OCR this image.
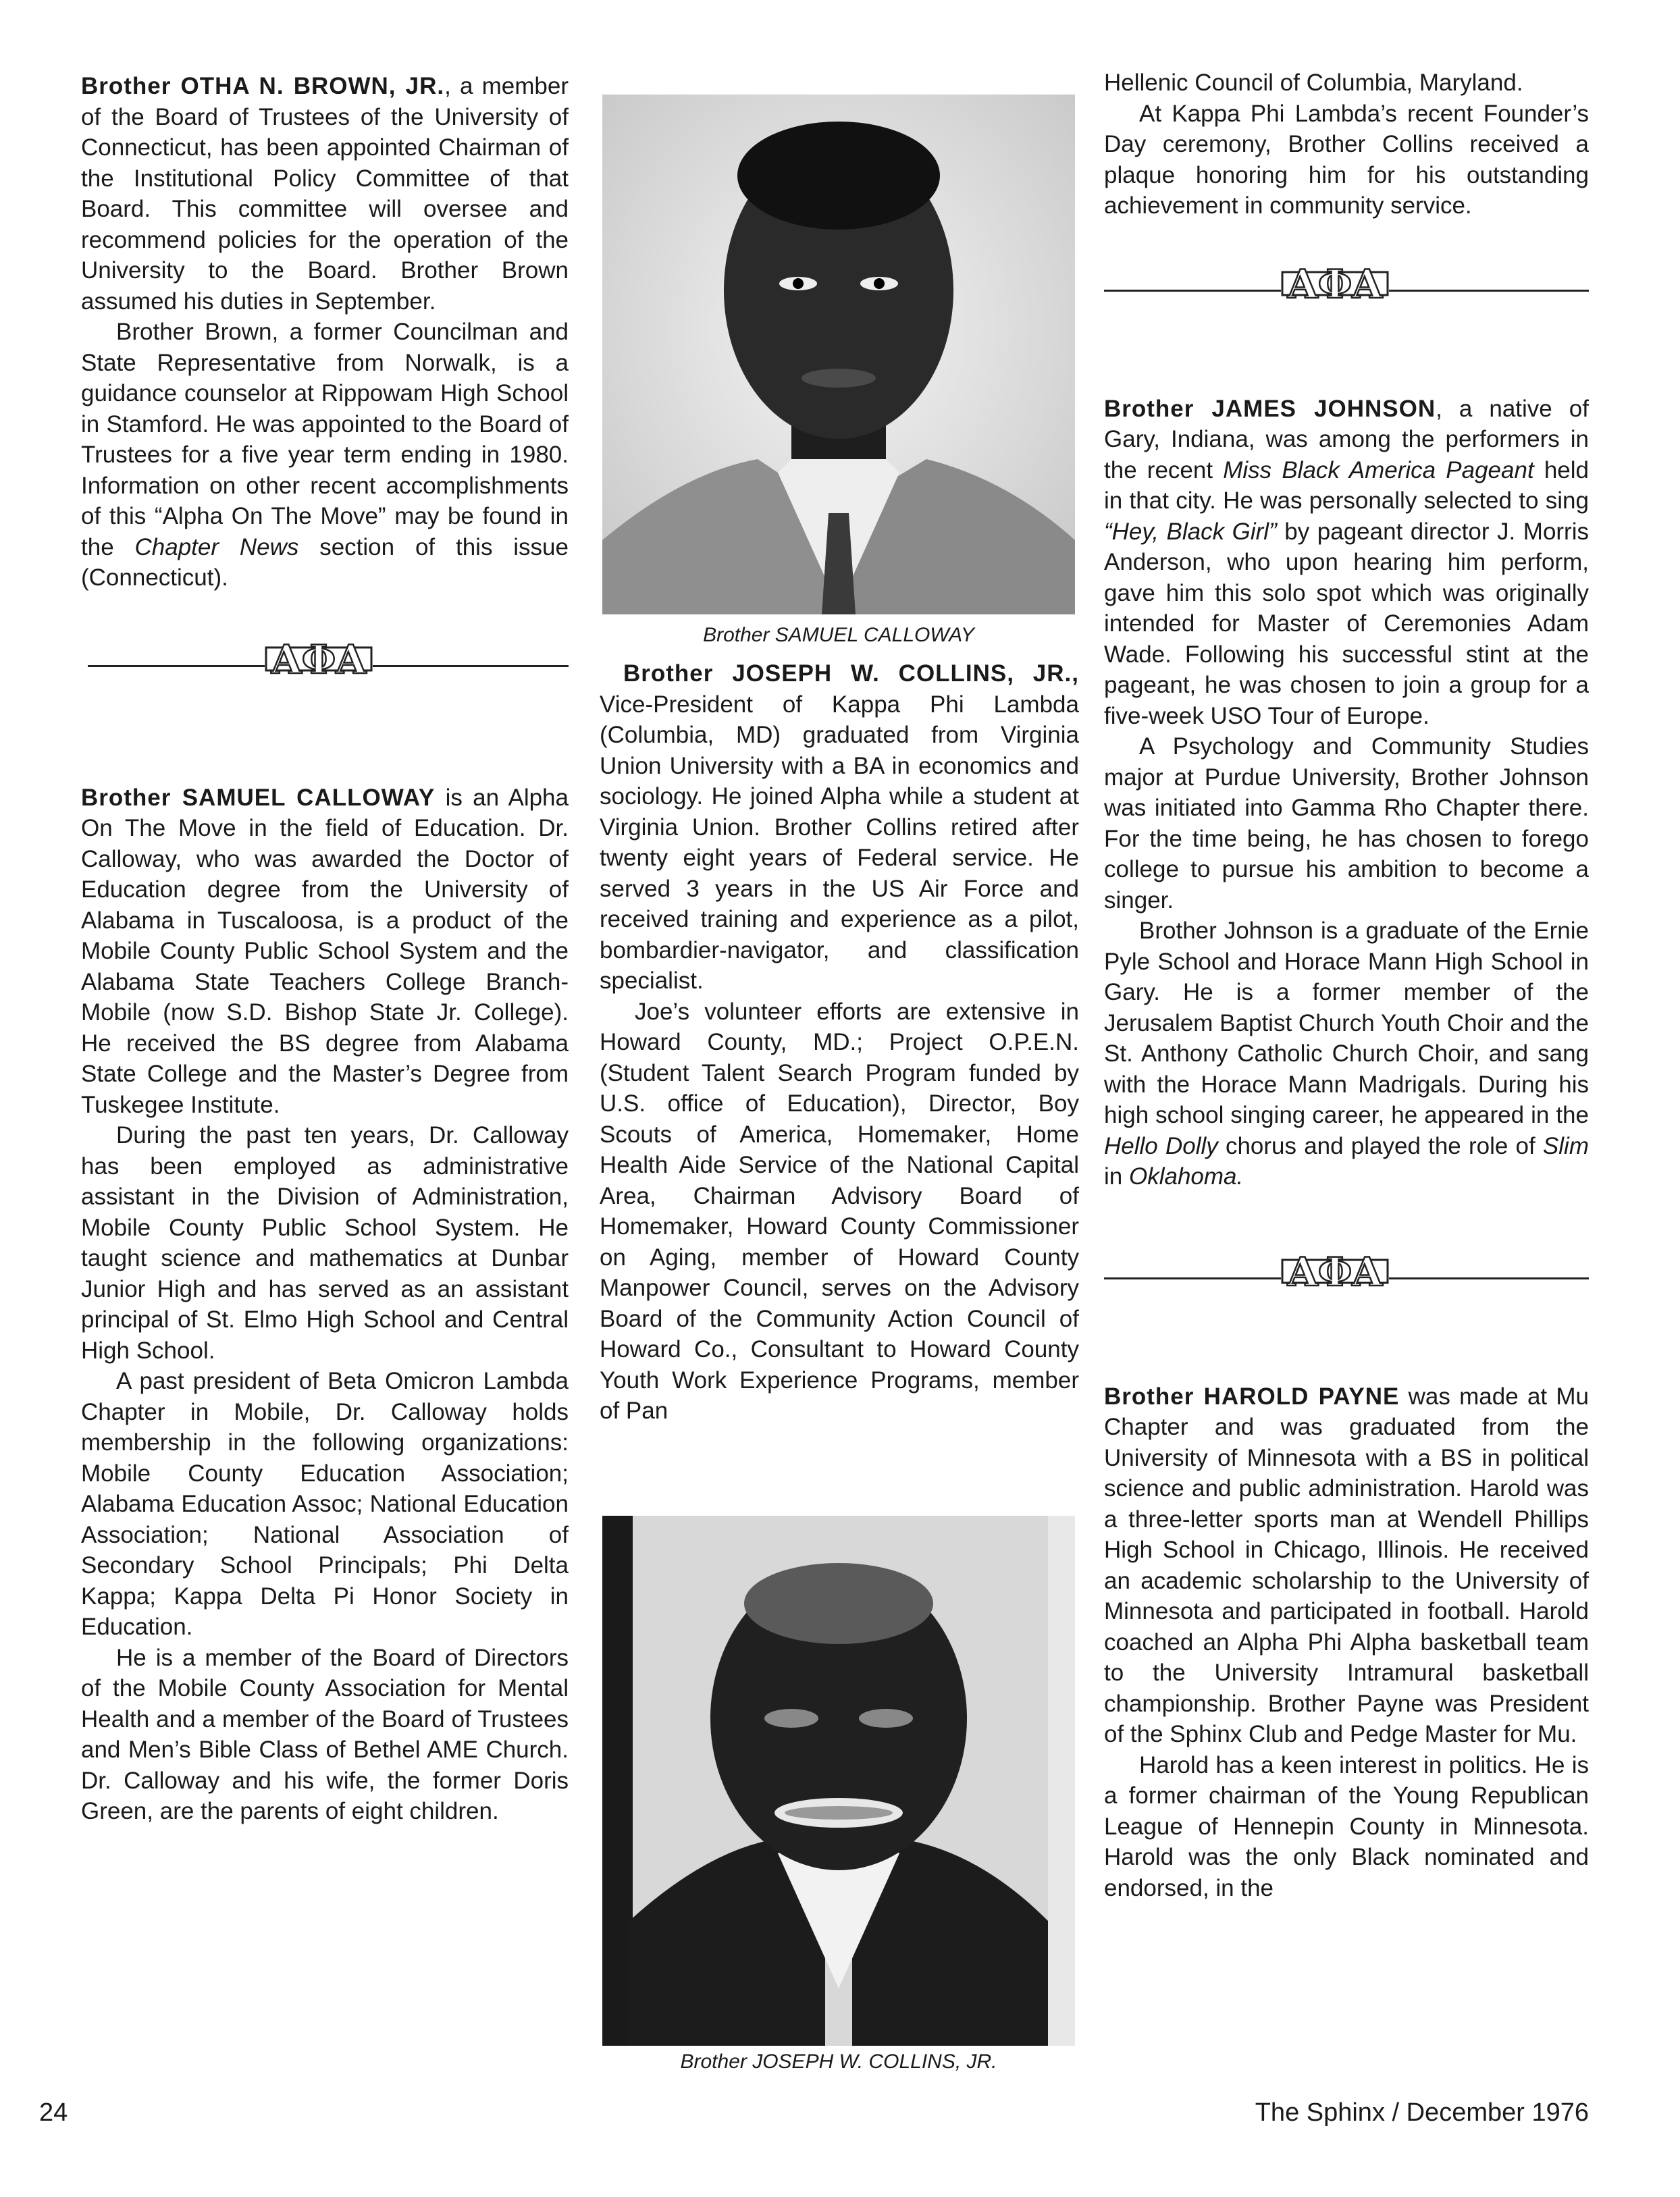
Brother OTHA N. BROWN, JR., a member of the Board of Trustees of the University of Connecticut, has been appointed Chairman of the Institutional Policy Committee of that Board. This committee will oversee and recommend policies for the operation of the University to the Board. Brother Brown assumed his duties in September.

Brother Brown, a former Councilman and State Representative from Norwalk, is a guidance counselor at Rippowam High School in Stamford. He was appointed to the Board of Trustees for a five year term ending in 1980. Information on other recent accomplishments of this “Alpha On The Move” may be found in the Chapter News section of this issue (Connecticut).

AΦA

Brother SAMUEL CALLOWAY is an Alpha On The Move in the field of Education. Dr. Calloway, who was awarded the Doctor of Education degree from the University of Alabama in Tuscaloosa, is a product of the Mobile County Public School System and the Alabama State Teachers College Branch-Mobile (now S.D. Bishop State Jr. College). He received the BS degree from Alabama State College and the Master’s Degree from Tuskegee Institute.

During the past ten years, Dr. Calloway has been employed as administrative assistant in the Division of Administration, Mobile County Public School System. He taught science and mathematics at Dunbar Junior High and has served as an assistant principal of St. Elmo High School and Central High School.

A past president of Beta Omicron Lambda Chapter in Mobile, Dr. Calloway holds membership in the following organizations: Mobile County Education Association; Alabama Education Assoc; National Education Association; National Association of Secondary School Principals; Phi Delta Kappa; Kappa Delta Pi Honor Society in Education.

He is a member of the Board of Directors of the Mobile County Association for Mental Health and a member of the Board of Trustees and Men’s Bible Class of Bethel AME Church. Dr. Calloway and his wife, the former Doris Green, are the parents of eight children.

Brother SAMUEL CALLOWAY

Brother JOSEPH W. COLLINS, JR., Vice-President of Kappa Phi Lambda (Columbia, MD) graduated from Virginia Union University with a BA in economics and sociology. He joined Alpha while a student at Virginia Union. Brother Collins retired after twenty eight years of Federal service. He served 3 years in the US Air Force and received training and experience as a pilot, bombardier-navigator, and classification specialist.

Joe’s volunteer efforts are extensive in Howard County, MD.; Project O.P.E.N. (Student Talent Search Program funded by U.S. office of Education), Director, Boy Scouts of America, Homemaker, Home Health Aide Service of the National Capital Area, Chairman Advisory Board of Homemaker, Howard County Commissioner on Aging, member of Howard County Manpower Council, serves on the Advisory Board of the Community Action Council of Howard Co., Consultant to Howard County Youth Work Experience Programs, member of Pan

Brother JOSEPH W. COLLINS, JR.

Hellenic Council of Columbia, Maryland.

At Kappa Phi Lambda’s recent Founder’s Day ceremony, Brother Collins received a plaque honoring him for his outstanding achievement in community service.

AΦA

Brother JAMES JOHNSON, a native of Gary, Indiana, was among the performers in the recent Miss Black America Pageant held in that city. He was personally selected to sing “Hey, Black Girl” by pageant director J. Morris Anderson, who upon hearing him perform, gave him this solo spot which was originally intended for Master of Ceremonies Adam Wade. Following his successful stint at the pageant, he was chosen to join a group for a five-week USO Tour of Europe.

A Psychology and Community Studies major at Purdue University, Brother Johnson was initiated into Gamma Rho Chapter there. For the time being, he has chosen to forego college to pursue his ambition to become a singer.

Brother Johnson is a graduate of the Ernie Pyle School and Horace Mann High School in Gary. He is a former member of the Jerusalem Baptist Church Youth Choir and the St. Anthony Catholic Church Choir, and sang with the Horace Mann Madrigals. During his high school singing career, he appeared in the Hello Dolly chorus and played the role of Slim in Oklahoma.

AΦA

Brother HAROLD PAYNE was made at Mu Chapter and was graduated from the University of Minnesota with a BS in political science and public administration. Harold was a three-letter sports man at Wendell Phillips High School in Chicago, Illinois. He received an academic scholarship to the University of Minnesota and participated in football. Harold coached an Alpha Phi Alpha basketball team to the University Intramural basketball championship. Brother Payne was President of the Sphinx Club and Pedge Master for Mu.

Harold has a keen interest in politics. He is a former chairman of the Young Republican League of Hennepin County in Minnesota. Harold was the only Black nominated and endorsed, in the

24	The Sphinx / December 1976
